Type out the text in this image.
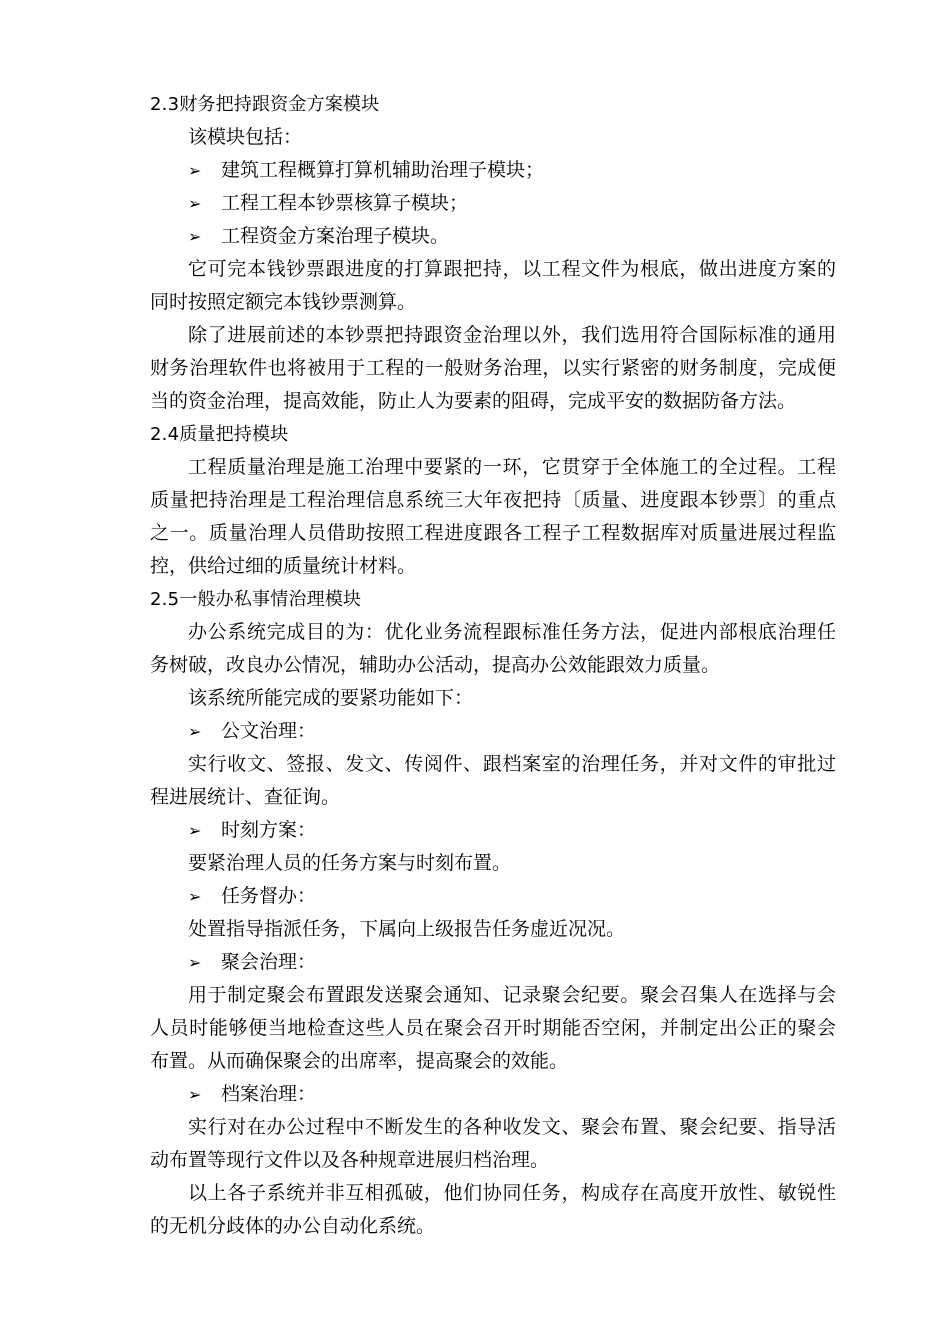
2.3财务把持跟资金方案模块
该模块包括：
➢	建筑工程概算打算机辅助治理子模块；
➢	工程工程本钞票核算子模块；
➢	工程资金方案治理子模块。
它可完本钱钞票跟进度的打算跟把持，以工程文件为根底，做出进度方案的
同时按照定额完本钱钞票测算。
除了进展前述的本钞票把持跟资金治理以外，我们选用符合国际标准的通用
财务治理软件也将被用于工程的一般财务治理，以实行紧密的财务制度，完成便
当的资金治理，提高效能，防止人为要素的阻碍，完成平安的数据防备方法。
2.4质量把持模块
工程质量治理是施工治理中要紧的一环，它贯穿于全体施工的全过程。工程
质量把持治理是工程治理信息系统三大年夜把持〔质量、进度跟本钞票〕的重点
之一。质量治理人员借助按照工程进度跟各工程子工程数据库对质量进展过程监
控，供给过细的质量统计材料。
2.5一般办私事情治理模块
办公系统完成目的为：优化业务流程跟标准任务方法，促进内部根底治理任
务树破，改良办公情况，辅助办公活动，提高办公效能跟效力质量。
该系统所能完成的要紧功能如下：
➢	公文治理：
实行收文、签报、发文、传阅件、跟档案室的治理任务，并对文件的审批过
程进展统计、查征询。
➢	时刻方案：
要紧治理人员的任务方案与时刻布置。
➢	任务督办：
处置指导指派任务，下属向上级报告任务虚近况况。
➢	聚会治理：
用于制定聚会布置跟发送聚会通知、记录聚会纪要。聚会召集人在选择与会
人员时能够便当地检查这些人员在聚会召开时期能否空闲，并制定出公正的聚会
布置。从而确保聚会的出席率，提高聚会的效能。
➢	档案治理：
实行对在办公过程中不断发生的各种收发文、聚会布置、聚会纪要、指导活
动布置等现行文件以及各种规章进展归档治理。
以上各子系统并非互相孤破，他们协同任务，构成存在高度开放性、敏锐性
的无机分歧体的办公自动化系统。
